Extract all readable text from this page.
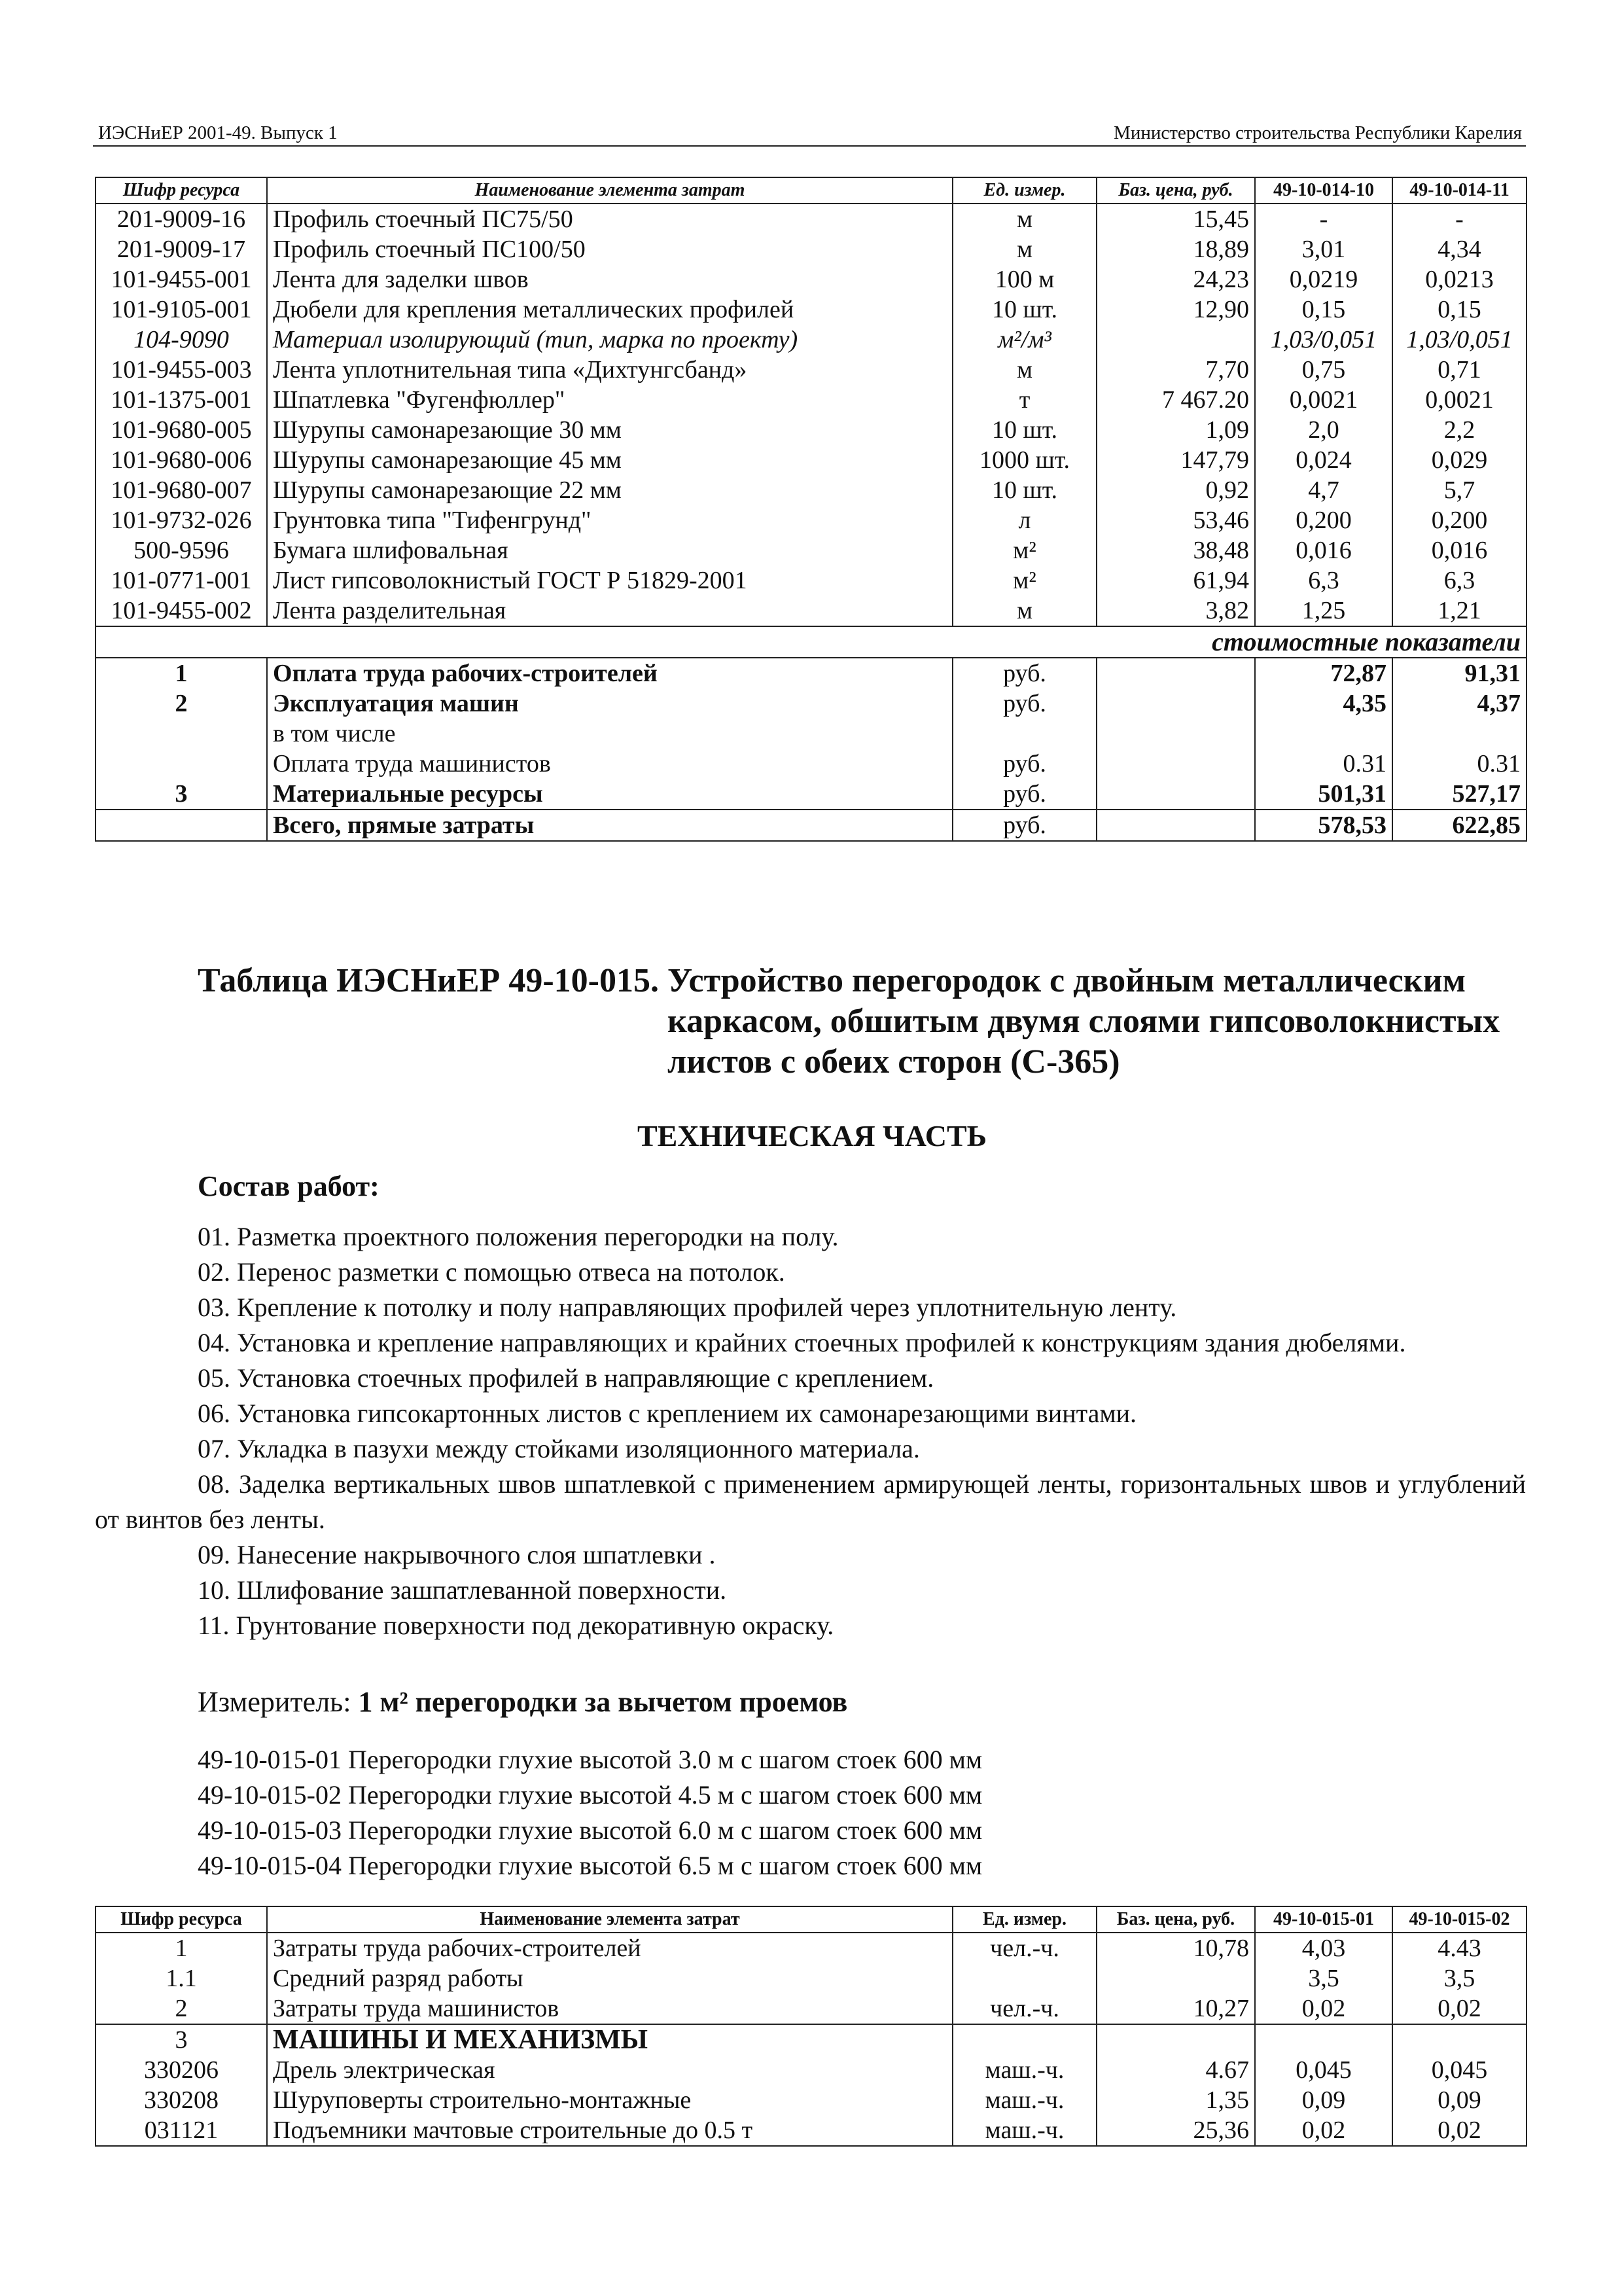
ИЭСНиЕР 2001-49. Выпуск 1	Министерство строительства Республики Карелия
Шифр ресурса	Наименование элемента затрат	Ед. измер.	Баз. цена, руб.	49-10-014-10	49-10-014-11
201-9009-16	Профиль стоечный ПС75/50	м	15,45	-	-
201-9009-17	Профиль стоечный ПС100/50	м	18,89	3,01	4,34
101-9455-001	Лента для заделки швов	100 м	24,23	0,0219	0,0213
101-9105-001	Дюбели для крепления металлических профилей	10 шт.	12,90	0,15	0,15
104-9090	Материал изолирующий (тип, марка по проекту)	м²/м³		1,03/0,051	1,03/0,051
101-9455-003	Лента уплотнительная типа «Дихтунгсбанд»	м	7,70	0,75	0,71
101-1375-001	Шпатлевка "Фугенфюллер"	т	7 467.20	0,0021	0,0021
101-9680-005	Шурупы самонарезающие 30 мм	10 шт.	1,09	2,0	2,2
101-9680-006	Шурупы самонарезающие 45 мм	1000 шт.	147,79	0,024	0,029
101-9680-007	Шурупы самонарезающие 22 мм	10 шт.	0,92	4,7	5,7
101-9732-026	Грунтовка типа "Тифенгрунд"	л	53,46	0,200	0,200
500-9596	Бумага шлифовальная	м²	38,48	0,016	0,016
101-0771-001	Лист гипсоволокнистый ГОСТ Р 51829-2001	м²	61,94	6,3	6,3
101-9455-002	Лента разделительная	м	3,82	1,25	1,21
стоимостные показатели					
1	Оплата труда рабочих-строителей	руб.		72,87	91,31
2	Эксплуатация машин	руб.		4,35	4,37
	в том числе				
	Оплата труда машинистов	руб.		0.31	0.31
3	Материальные ресурсы	руб.		501,31	527,17
	Всего, прямые затраты	руб.		578,53	622,85
Таблица ИЭСНиЕР 49-10-015. Устройство перегородок с двойным металлическим
каркасом, обшитым двумя слоями гипсоволокнистых
листов с обеих сторон (С-365)
ТЕХНИЧЕСКАЯ ЧАСТЬ
Состав работ:

01. Разметка проектного положения перегородки на полу.

02. Перенос разметки с помощью отвеса на потолок.

03. Крепление к потолку и полу направляющих профилей через уплотнительную ленту.

04. Установка и крепление направляющих и крайних стоечных профилей к конструкциям здания дюбелями.

05. Установка стоечных профилей в направляющие с креплением.

06. Установка гипсокартонных листов с креплением их самонарезающими винтами.

07. Укладка в пазухи между стойками изоляционного материала.

08. Заделка вертикальных швов шпатлевкой с применением армирующей ленты, горизонтальных швов и углублений от винтов без ленты.

09. Нанесение накрывочного слоя шпатлевки .

10. Шлифование зашпатлеванной поверхности.

11. Грунтование поверхности под декоративную окраску.

Измеритель: 1 м² перегородки за вычетом проемов
49-10-015-01 Перегородки глухие высотой 3.0 м с шагом стоек 600 мм
49-10-015-02 Перегородки глухие высотой 4.5 м с шагом стоек 600 мм
49-10-015-03 Перегородки глухие высотой 6.0 м с шагом стоек 600 мм
49-10-015-04 Перегородки глухие высотой 6.5 м с шагом стоек 600 мм
Шифр ресурса	Наименование элемента затрат	Ед. измер.	Баз. цена, руб.	49-10-015-01	49-10-015-02
1	Затраты труда рабочих-строителей	чел.-ч.	10,78	4,03	4.43
1.1	Средний разряд работы			3,5	3,5
2	Затраты труда машинистов	чел.-ч.	10,27	0,02	0,02
3	МАШИНЫ И МЕХАНИЗМЫ				
330206	Дрель электрическая	маш.-ч.	4.67	0,045	0,045
330208	Шуруповерты строительно-монтажные	маш.-ч.	1,35	0,09	0,09
031121	Подъемники мачтовые строительные до 0.5 т	маш.-ч.	25,36	0,02	0,02
